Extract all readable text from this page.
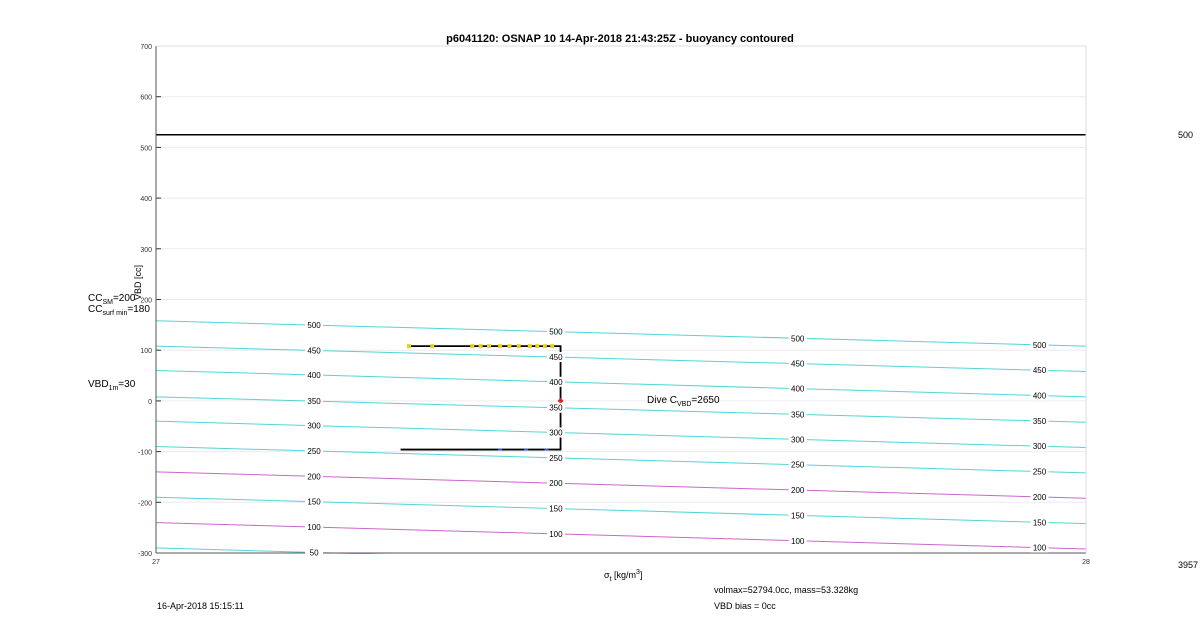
700
600
500
400
300
200
100
0
-100
-200
-300
27	28
500
500
500
500
450
450
450
450
400
400
400
400
350
350
350
350
300
300
300
300
250
250
250
250
200
200
200
200
150
150
150
150
100
100
100
100
50
p6041120: OSNAP 10 14-Apr-2018 21:43:25Z - buoyancy contoured
VBD [cc]
$\sigma_t$ $[kg/m^3]$
$CC_{SM}=200$
$CC_{surf min}=180$
$VBD_{1m}=30$
Dive $C_{VBD}=2650$
500
3957
volmax=52794.0cc, mass=53.328kg
VBD bias = 0cc
16-Apr-2018 15:15:11
